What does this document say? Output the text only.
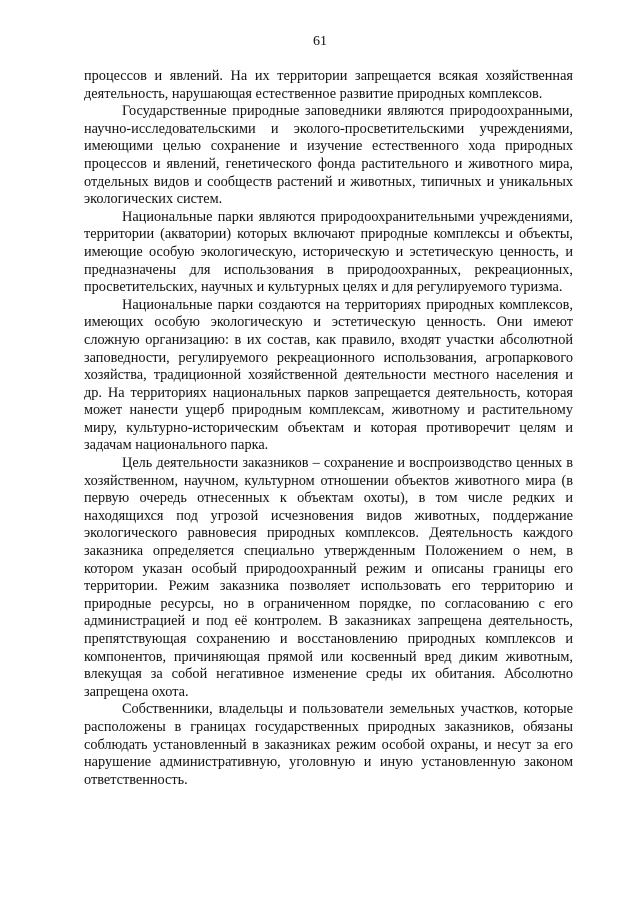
61

процессов и явлений. На их территории запрещается всякая хозяйственная деятельность, нарушающая естественное развитие природных комплексов.

Государственные природные заповедники являются природоохранными, научно-исследовательскими и эколого-просветительскими учреждениями, имеющими целью сохранение и изучение естественного хода природных процессов и явлений, генетического фонда растительного и животного мира, отдельных видов и сообществ растений и животных, типичных и уникальных экологических систем.

Национальные парки являются природоохранительными учреждениями, территории (акватории) которых включают природные комплексы и объекты, имеющие особую экологическую, историческую и эстетическую ценность, и предназначены для использования в природоохранных, рекреационных, просветительских, научных и культурных целях и для регулируемого туризма.

Национальные парки создаются на территориях природных комплексов, имеющих особую экологическую и эстетическую ценность. Они имеют сложную организацию: в их состав, как правило, входят участки абсолютной заповедности, регулируемого рекреационного использования, агропаркового хозяйства, традиционной хозяйственной деятельности местного населения и др. На территориях национальных парков запрещается деятельность, которая может нанести ущерб природным комплексам, животному и растительному миру, культурно-историческим объектам и которая противоречит целям и задачам национального парка.

Цель деятельности заказников – сохранение и воспроизводство ценных в хозяйственном, научном, культурном отношении объектов животного мира (в первую очередь отнесенных к объектам охоты), в том числе редких и находящихся под угрозой исчезновения видов животных, поддержание экологического равновесия природных комплексов. Деятельность каждого заказника определяется специально утвержденным Положением о нем, в котором указан особый природоохранный режим и описаны границы его территории. Режим заказника позволяет использовать его территорию и природные ресурсы, но в ограниченном порядке, по согласованию с его администрацией и под её контролем. В заказниках запрещена деятельность, препятствующая сохранению и восстановлению природных комплексов и компонентов, причиняющая прямой или косвенный вред диким животным, влекущая за собой негативное изменение среды их обитания. Абсолютно запрещена охота.

Собственники, владельцы и пользователи земельных участков, которые расположены в границах государственных природных заказников, обязаны соблюдать установленный в заказниках режим особой охраны, и несут за его нарушение административную, уголовную и иную установленную законом ответственность.
